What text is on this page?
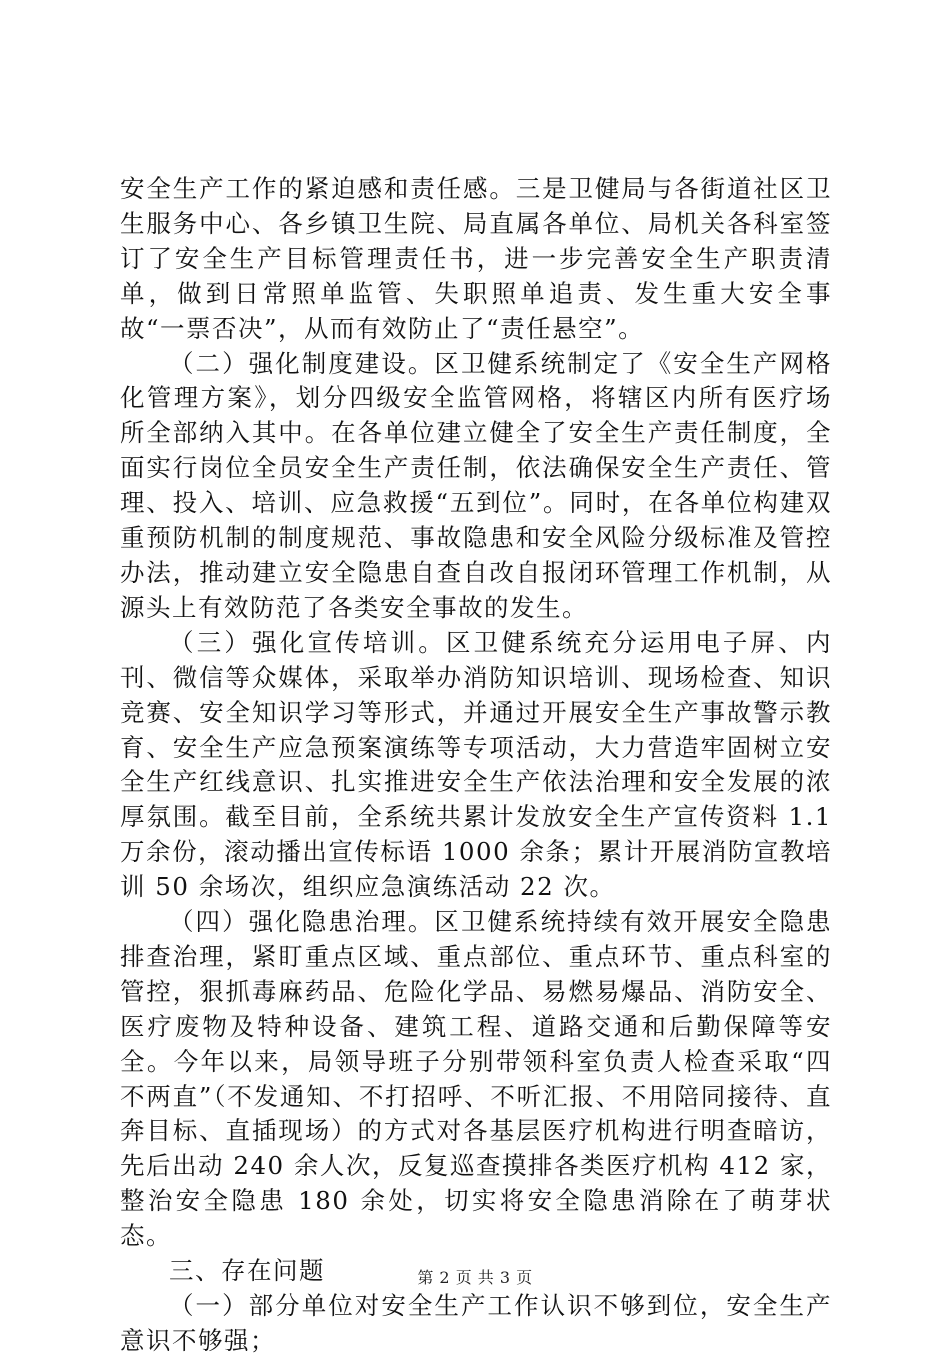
安全生产工作的紧迫感和责任感。三是卫健局与各街道社区卫生服务中心、各乡镇卫生院、局直属各单位、局机关各科室签订了安全生产目标管理责任书，进一步完善安全生产职责清单，做到日常照单监管、失职照单追责、发生重大安全事故“一票否决”，从而有效防止了“责任悬空”。

（二）强化制度建设。区卫健系统制定了《安全生产网格化管理方案》，划分四级安全监管网格，将辖区内所有医疗场所全部纳入其中。在各单位建立健全了安全生产责任制度，全面实行岗位全员安全生产责任制，依法确保安全生产责任、管理、投入、培训、应急救援“五到位”。同时，在各单位构建双重预防机制的制度规范、事故隐患和安全风险分级标准及管控办法，推动建立安全隐患自查自改自报闭环管理工作机制，从源头上有效防范了各类安全事故的发生。

（三）强化宣传培训。区卫健系统充分运用电子屏、内刊、微信等众媒体，采取举办消防知识培训、现场检查、知识竞赛、安全知识学习等形式，并通过开展安全生产事故警示教育、安全生产应急预案演练等专项活动，大力营造牢固树立安全生产红线意识、扎实推进安全生产依法治理和安全发展的浓厚氛围。截至目前，全系统共累计发放安全生产宣传资料 1.1 万余份，滚动播出宣传标语 1000 余条；累计开展消防宣教培训 50 余场次，组织应急演练活动 22 次。

（四）强化隐患治理。区卫健系统持续有效开展安全隐患排查治理，紧盯重点区域、重点部位、重点环节、重点科室的管控，狠抓毒麻药品、危险化学品、易燃易爆品、消防安全、医疗废物及特种设备、建筑工程、道路交通和后勤保障等安全。今年以来，局领导班子分别带领科室负责人检查采取“四不两直”（不发通知、不打招呼、不听汇报、不用陪同接待、直奔目标、直插现场）的方式对各基层医疗机构进行明查暗访，先后出动 240 余人次，反复巡查摸排各类医疗机构 412 家，整治安全隐患 180 余处，切实将安全隐患消除在了萌芽状态。

三、存在问题

（一）部分单位对安全生产工作认识不够到位，安全生产意识不够强；

第 2 页 共 3 页
